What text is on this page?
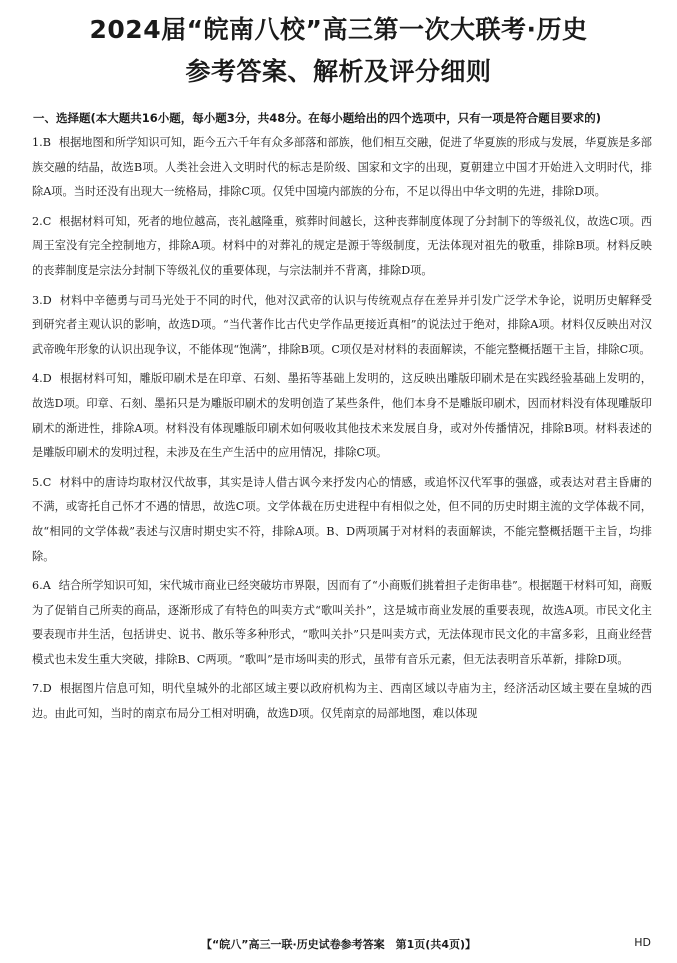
2024届“皖南八校”高三第一次大联考·历史
参考答案、解析及评分细则
一、选择题(本大题共16小题，每小题3分，共48分。在每小题给出的四个选项中，只有一项是符合题目要求的)

1.B 根据地图和所学知识可知，距今五六千年有众多部落和部族，他们相互交融，促进了华夏族的形成与发展，华夏族是多部族交融的结晶，故选B项。人类社会进入文明时代的标志是阶级、国家和文字的出现，夏朝建立中国才开始进入文明时代，排除A项。当时还没有出现大一统格局，排除C项。仅凭中国境内部族的分布，不足以得出中华文明的先进，排除D项。

2.C 根据材料可知，死者的地位越高，丧礼越隆重，殡葬时间越长，这种丧葬制度体现了分封制下的等级礼仪，故选C项。西周王室没有完全控制地方，排除A项。材料中的对葬礼的规定是源于等级制度，无法体现对祖先的敬重，排除B项。材料反映的丧葬制度是宗法分封制下等级礼仪的重要体现，与宗法制并不背离，排除D项。

3.D 材料中辛德勇与司马光处于不同的时代，他对汉武帝的认识与传统观点存在差异并引发广泛学术争论，说明历史解释受到研究者主观认识的影响，故选D项。“当代著作比古代史学作品更接近真相”的说法过于绝对，排除A项。材料仅反映出对汉武帝晚年形象的认识出现争议，不能体现“饱满”，排除B项。C项仅是对材料的表面解读，不能完整概括题干主旨，排除C项。

4.D 根据材料可知，雕版印刷术是在印章、石刻、墨拓等基础上发明的，这反映出雕版印刷术是在实践经验基础上发明的，故选D项。印章、石刻、墨拓只是为雕版印刷术的发明创造了某些条件，他们本身不是雕版印刷术，因而材料没有体现雕版印刷术的渐进性，排除A项。材料没有体现雕版印刷术如何吸收其他技术来发展自身，或对外传播情况，排除B项。材料表述的是雕版印刷术的发明过程，未涉及在生产生活中的应用情况，排除C项。

5.C 材料中的唐诗均取材汉代故事，其实是诗人借古讽今来抒发内心的情感，或追怀汉代军事的强盛，或表达对君主昏庸的不满，或寄托自己怀才不遇的情思，故选C项。文学体裁在历史进程中有相似之处，但不同的历史时期主流的文学体裁不同，故“相同的文学体裁”表述与汉唐时期史实不符，排除A项。B、D两项属于对材料的表面解读，不能完整概括题干主旨，均排除。

6.A 结合所学知识可知，宋代城市商业已经突破坊市界限，因而有了“小商贩们挑着担子走街串巷”。根据题干材料可知，商贩为了促销自己所卖的商品，逐渐形成了有特色的叫卖方式“歌叫关扑”，这是城市商业发展的重要表现，故选A项。市民文化主要表现市井生活，包括讲史、说书、散乐等多种形式，“歌叫关扑”只是叫卖方式，无法体现市民文化的丰富多彩，且商业经营模式也未发生重大突破，排除B、C两项。“歌叫”是市场叫卖的形式，虽带有音乐元素，但无法表明音乐革新，排除D项。

7.D 根据图片信息可知，明代皇城外的北部区域主要以政府机构为主、西南区域以寺庙为主，经济活动区域主要在皇城的西边。由此可知，当时的南京布局分工相对明确，故选D项。仅凭南京的局部地图，难以体现

【“皖八”高三一联·历史试卷参考答案　第1页(共4页)】	HD
